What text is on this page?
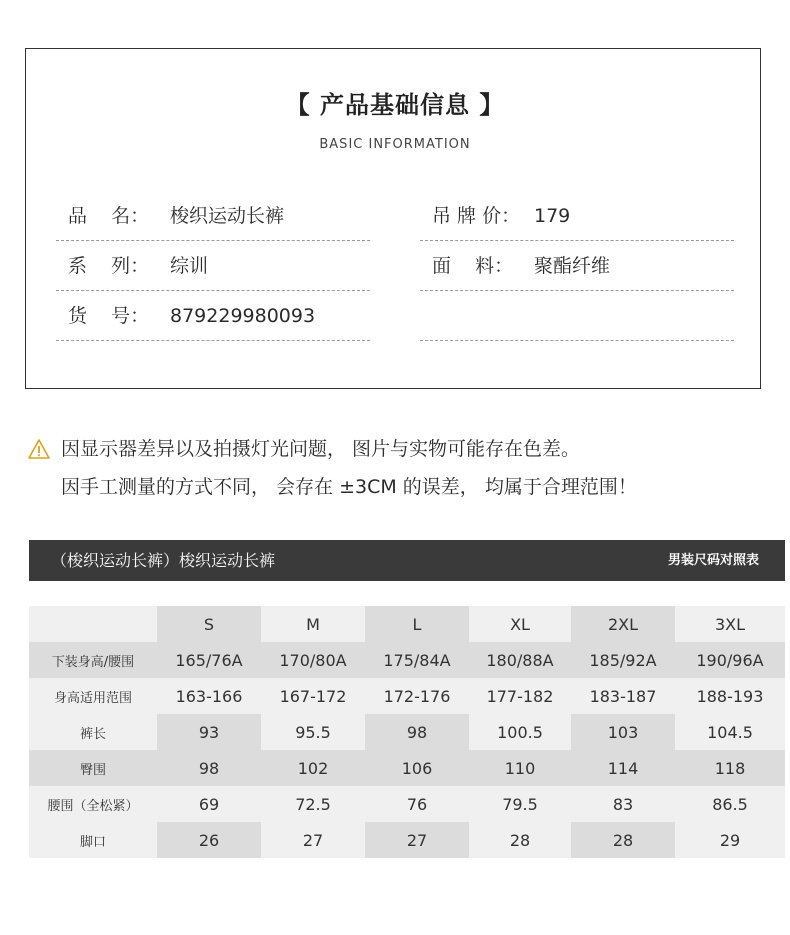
【 产品基础信息 】
BASIC INFORMATION
品    名： 梭织运动长裤	吊 牌 价： 179
系    列： 综训	面    料： 聚酯纤维
货    号： 879229980093
因显示器差异以及拍摄灯光问题， 图片与实物可能存在色差。
因手工测量的方式不同， 会存在 ±3CM 的误差， 均属于合理范围！
（梭织运动长裤）梭织运动长裤	男装尺码对照表
	S	M	L	XL	2XL	3XL
下装身高/腰围	165/76A	170/80A	175/84A	180/88A	185/92A	190/96A
身高适用范围	163-166	167-172	172-176	177-182	183-187	188-193
裤长	93	95.5	98	100.5	103	104.5
臀围	98	102	106	110	114	118
腰围（全松紧）	69	72.5	76	79.5	83	86.5
脚口	26	27	27	28	28	29
